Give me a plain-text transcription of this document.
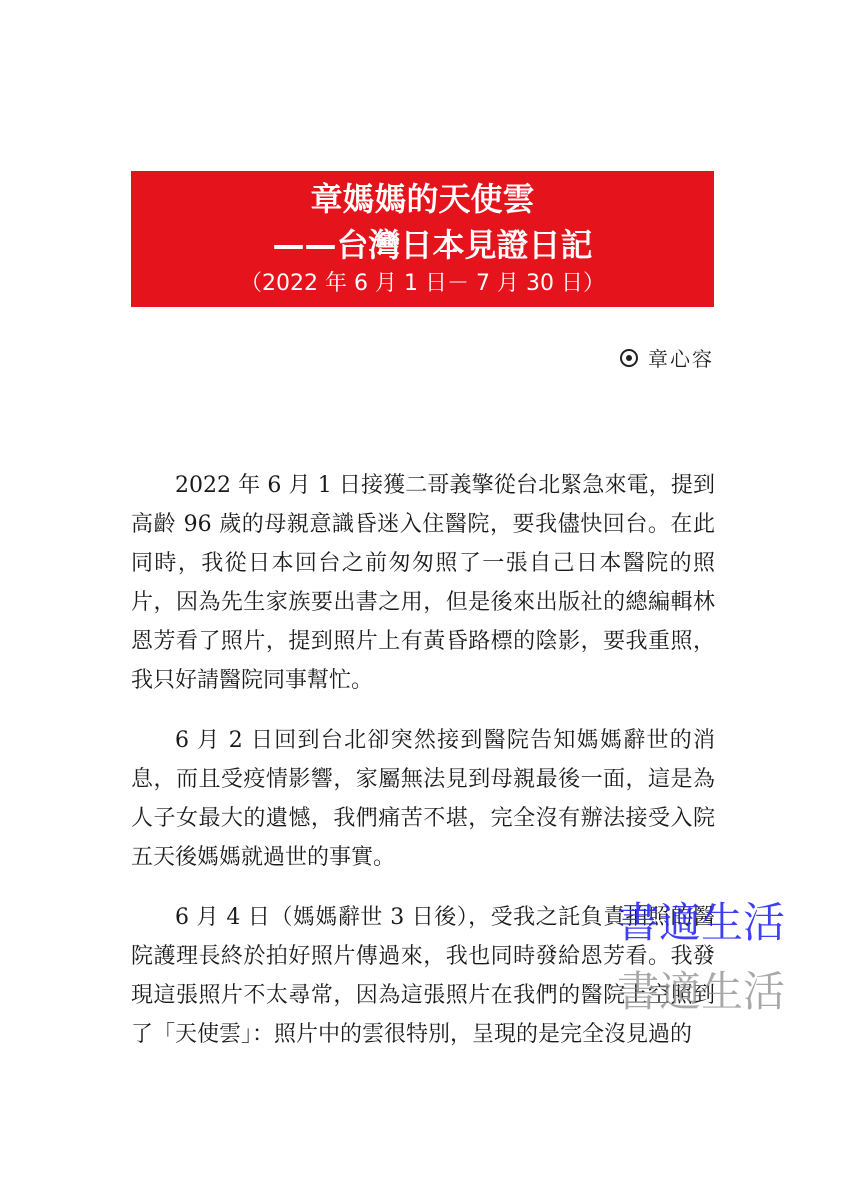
章媽媽的天使雲
——台灣日本見證日記
（2022 年 6 月 1 日－ 7 月 30 日）
章心容

2022 年 6 月 1 日接獲二哥義擎從台北緊急來電，提到高齡 96 歲的母親意識昏迷入住醫院，要我儘快回台。在此同時，我從日本回台之前匆匆照了一張自己日本醫院的照片，因為先生家族要出書之用，但是後來出版社的總編輯林恩芳看了照片，提到照片上有黃昏路標的陰影，要我重照，我只好請醫院同事幫忙。

6 月 2 日回到台北卻突然接到醫院告知媽媽辭世的消息，而且受疫情影響，家屬無法見到母親最後一面，這是為人子女最大的遺憾，我們痛苦不堪，完全沒有辦法接受入院五天後媽媽就過世的事實。

6 月 4 日（媽媽辭世 3 日後），受我之託負責拍照的醫院護理長終於拍好照片傳過來，我也同時發給恩芳看。我發現這張照片不太尋常，因為這張照片在我們的醫院上空照到了「天使雲」：照片中的雲很特別，呈現的是完全沒見過的

書適生活
書適生活
